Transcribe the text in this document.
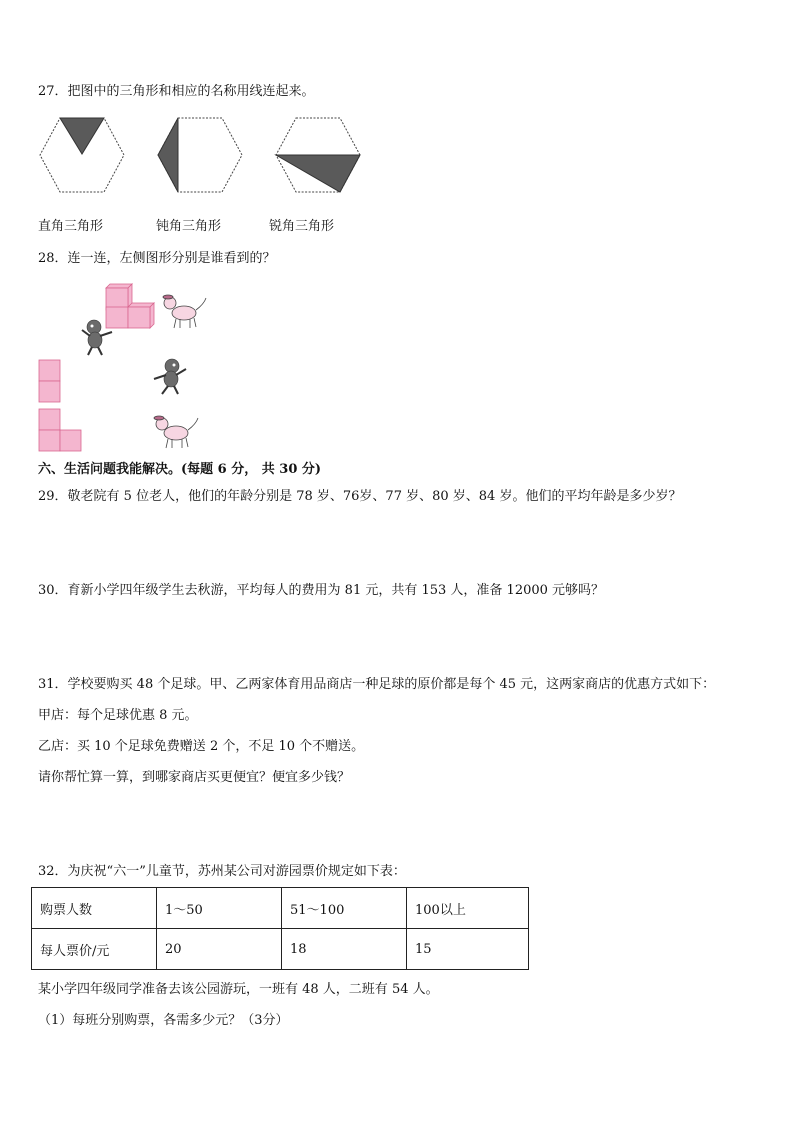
27．把图中的三角形和相应的名称用线连起来。
直角三角形	钝角三角形	锐角三角形
28．连一连，左侧图形分别是谁看到的？
六、生活问题我能解决。(每题 6 分， 共 30 分)
29．敬老院有 5 位老人，他们的年龄分别是 78 岁、76岁、77 岁、80 岁、84 岁。他们的平均年龄是多少岁？
30．育新小学四年级学生去秋游，平均每人的费用为 81 元，共有 153 人，准备 12000 元够吗？
31．学校要购买 48 个足球。甲、乙两家体育用品商店一种足球的原价都是每个 45 元，这两家商店的优惠方式如下：
甲店：每个足球优惠 8 元。
乙店：买 10 个足球免费赠送 2 个，不足 10 个不赠送。
请你帮忙算一算，到哪家商店买更便宜？便宜多少钱？
32．为庆祝“六一”儿童节，苏州某公司对游园票价规定如下表：
购票人数	1～50	51～100	100以上
每人票价/元	20	18	15
某小学四年级同学准备去该公园游玩，一班有 48 人，二班有 54 人。
（1）每班分别购票，各需多少元？（3分）
